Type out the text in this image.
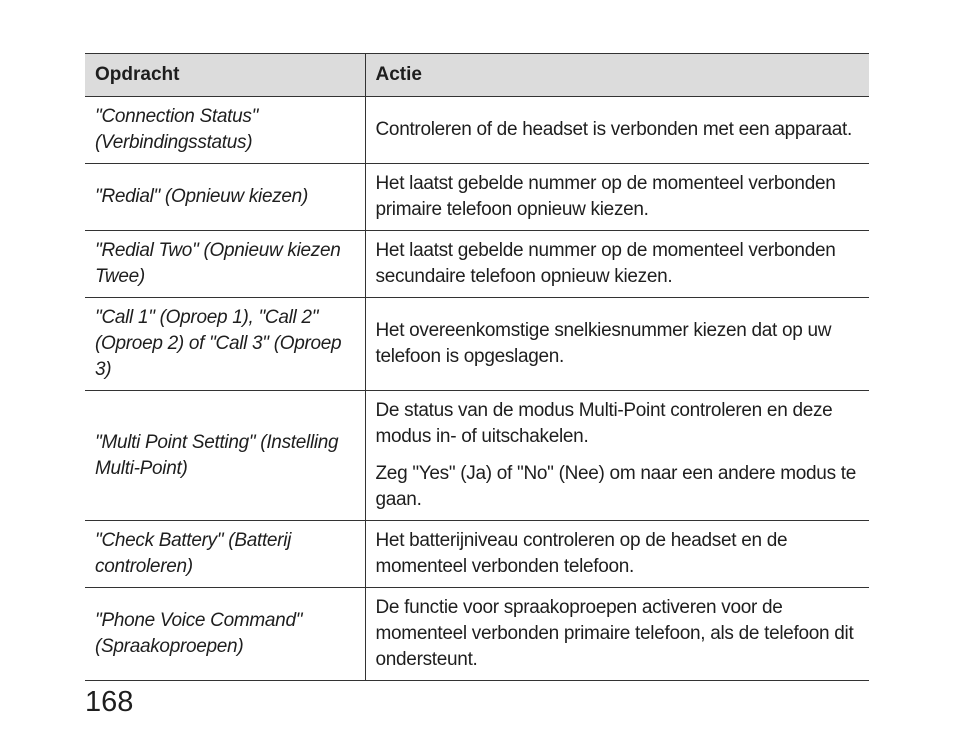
Opdracht	Actie
"Connection Status" (Verbindingsstatus)	Controleren of de headset is verbonden met een apparaat.

"Redial" (Opnieuw kiezen)	Het laatst gebelde nummer op de momenteel verbonden primaire telefoon opnieuw kiezen.

"Redial Two" (Opnieuw kiezen Twee)	Het laatst gebelde nummer op de momenteel verbonden secundaire telefoon opnieuw kiezen.

"Call 1" (Oproep 1), "Call 2" (Oproep 2) of "Call 3" (Oproep 3)	Het overeenkomstige snelkiesnummer kiezen dat op uw telefoon is opgeslagen.

"Multi Point Setting" (Instelling Multi-Point)	De status van de modus Multi-Point controleren en deze modus in- of uitschakelen.

Zeg "Yes" (Ja) of "No" (Nee) om naar een andere modus te gaan.

"Check Battery" (Batterij controleren)	Het batterijniveau controleren op de headset en de momenteel verbonden telefoon.

"Phone Voice Command" (Spraakoproepen)	De functie voor spraakoproepen activeren voor de momenteel verbonden primaire telefoon, als de telefoon dit ondersteunt.

168
